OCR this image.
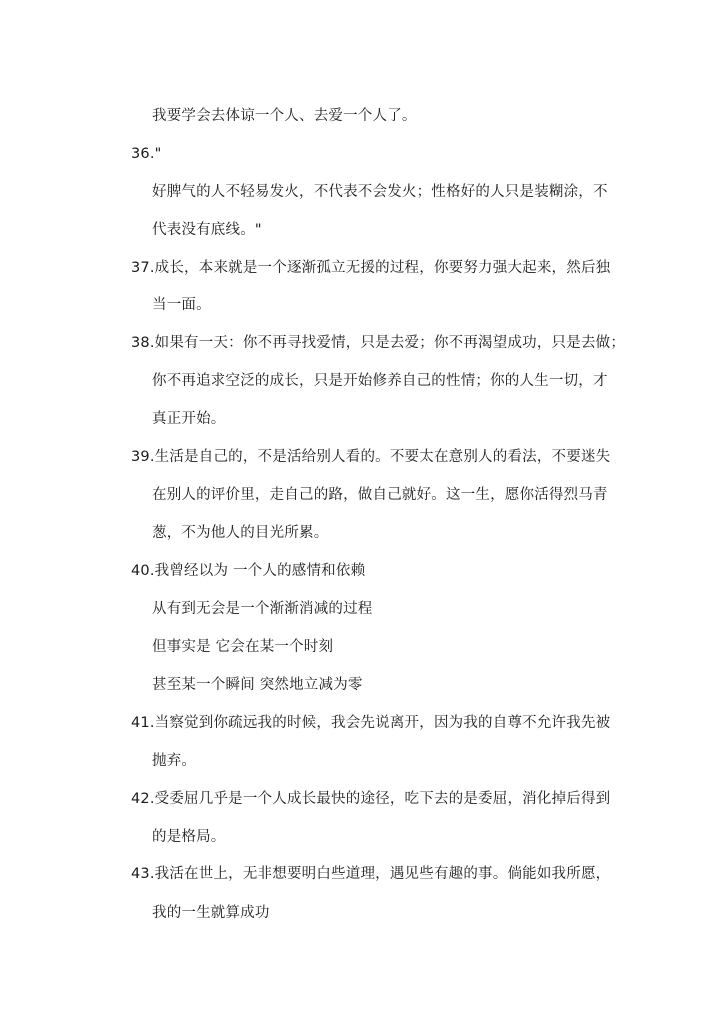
我要学会去体谅一个人、去爱一个人了。
36."
好脾气的人不轻易发火，不代表不会发火；性格好的人只是装糊涂，不
代表没有底线。"
37.成长，本来就是一个逐渐孤立无援的过程，你要努力强大起来，然后独
当一面。
38.如果有一天：你不再寻找爱情，只是去爱；你不再渴望成功，只是去做；
你不再追求空泛的成长，只是开始修养自己的性情；你的人生一切，才
真正开始。
39.生活是自己的，不是活给别人看的。不要太在意别人的看法，不要迷失
在别人的评价里，走自己的路，做自己就好。这一生，愿你活得烈马青
葱，不为他人的目光所累。
40.我曾经以为 一个人的感情和依赖
从有到无会是一个渐渐消减的过程
但事实是 它会在某一个时刻
甚至某一个瞬间 突然地立减为零
41.当察觉到你疏远我的时候，我会先说离开，因为我的自尊不允许我先被
抛弃。
42.受委屈几乎是一个人成长最快的途径，吃下去的是委屈，消化掉后得到
的是格局。
43.我活在世上，无非想要明白些道理，遇见些有趣的事。倘能如我所愿，
我的一生就算成功
